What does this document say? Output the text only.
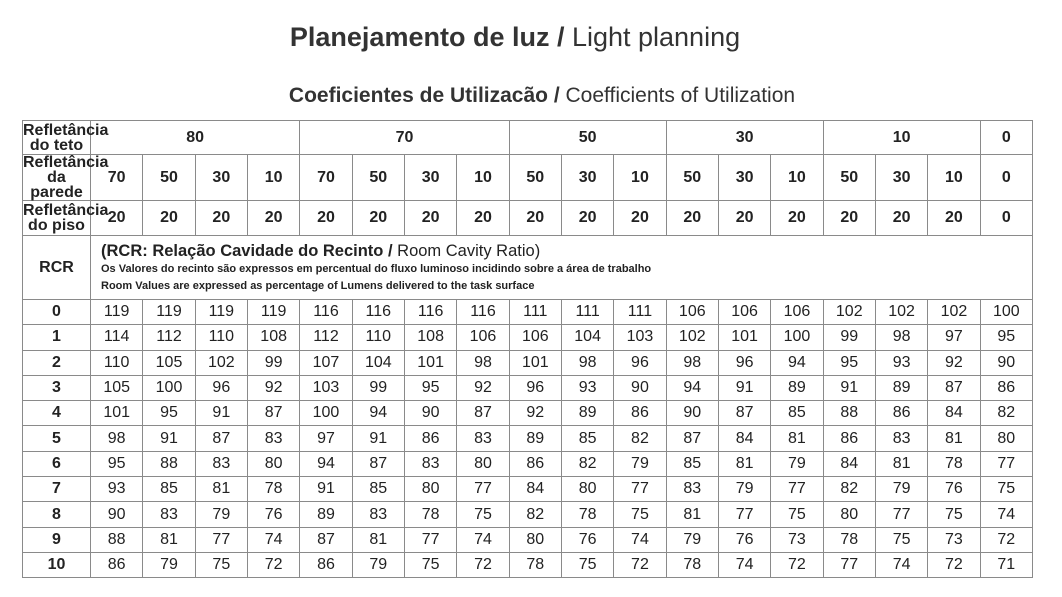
Planejamento de luz / Light planning
Coeficientes de Utilizacão / Coefficients of Utilization
Refletância
do teto	80				70				50			30			10			0
Refletância
da parede	70	50	30	10	70	50	30	10	50	30	10	50	30	10	50	30	10	0
Refletância
do piso	20	20	20	20	20	20	20	20	20	20	20	20	20	20	20	20	20	0
RCR	(RCR: Relação Cavidade do Recinto / Room Cavity Ratio)
Os Valores do recinto são expressos em percentual do fluxo luminoso incidindo sobre a área de trabalho
Room Values are expressed as percentage of Lumens delivered to the task surface																	

0	119	119	119	119	116	116	116	116	111	111	111	106	106	106	102	102	102	100
1	114	112	110	108	112	110	108	106	106	104	103	102	101	100	99	98	97	95
2	110	105	102	99	107	104	101	98	101	98	96	98	96	94	95	93	92	90
3	105	100	96	92	103	99	95	92	96	93	90	94	91	89	91	89	87	86
4	101	95	91	87	100	94	90	87	92	89	86	90	87	85	88	86	84	82
5	98	91	87	83	97	91	86	83	89	85	82	87	84	81	86	83	81	80
6	95	88	83	80	94	87	83	80	86	82	79	85	81	79	84	81	78	77
7	93	85	81	78	91	85	80	77	84	80	77	83	79	77	82	79	76	75
8	90	83	79	76	89	83	78	75	82	78	75	81	77	75	80	77	75	74
9	88	81	77	74	87	81	77	74	80	76	74	79	76	73	78	75	73	72
10	86	79	75	72	86	79	75	72	78	75	72	78	74	72	77	74	72	71
